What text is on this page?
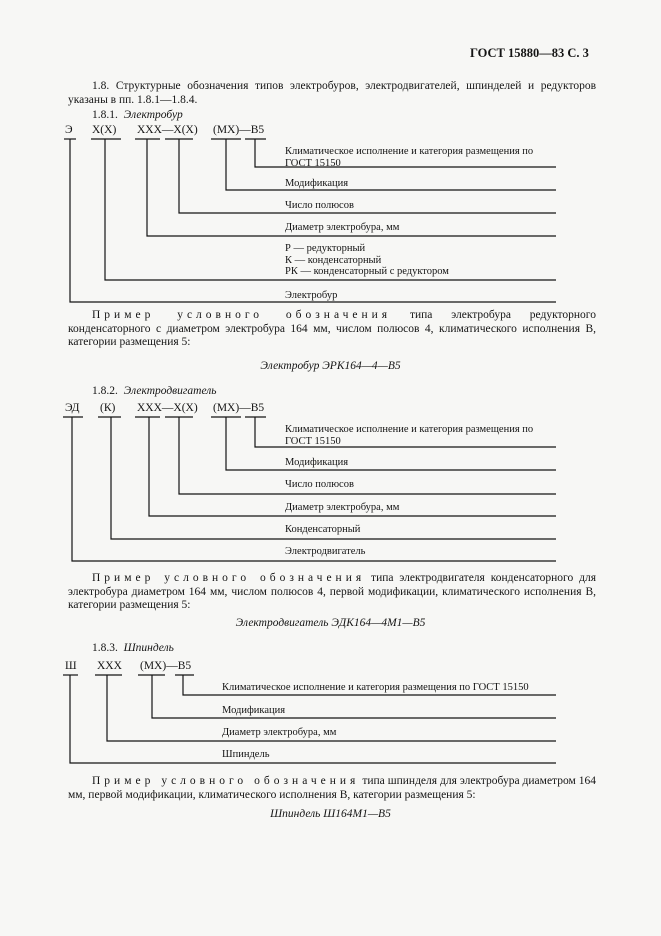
ГОСТ 15880—83 С. 3
1.8. Структурные обозначения типов электробуров, электродвигателей, шпинделей и редукторов указаны в пп. 1.8.1—1.8.4.
1.8.1. Электробур
Э Х(Х) ХХХ—Х(Х) (МХ)—В5
Климатическое исполнение и категория размещения по ГОСТ 15150
Модификация
Число полюсов
Диаметр электробура, мм
Р — редукторный
К — конденсаторный
РК — конденсаторный с редуктором
Электробур
Пример условного обозначения типа электробура редукторного конденсаторного с диаметром электробура 164 мм, числом полюсов 4, климатического исполнения В, категории размещения 5:
Электробур ЭРК164—4—В5
1.8.2. Электродвигатель
ЭД (К) ХХХ—Х(Х) (МХ)—В5
Климатическое исполнение и категория размещения по ГОСТ 15150
Модификация
Число полюсов
Диаметр электробура, мм
Конденсаторный
Электродвигатель
Пример условного обозначения типа электродвигателя конденсаторного для электробура диаметром 164 мм, числом полюсов 4, первой модификации, климатического исполнения В, категории размещения 5:
Электродвигатель ЭДК164—4М1—В5
1.8.3. Шпиндель
Ш ХХХ (МХ)—В5
Климатическое исполнение и категория размещения по ГОСТ 15150
Модификация
Диаметр электробура, мм
Шпиндель
Пример условного обозначения типа шпинделя для электробура диаметром 164 мм, первой модификации, климатического исполнения В, категории размещения 5:
Шпиндель Ш164М1—В5
